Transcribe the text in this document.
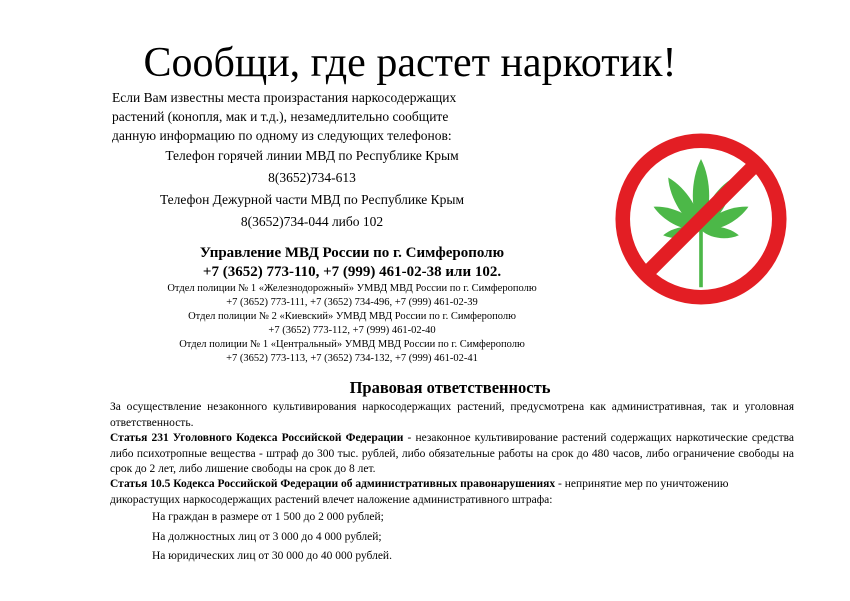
Сообщи, где растет наркотик!
Если Вам известны места произрастания наркосодержащих
растений (конопля, мак и т.д.), незамедлительно сообщите
данную информацию по одному из следующих телефонов:
Телефон горячей линии МВД по Республике Крым
8(3652)734-613
Телефон Дежурной части МВД по Республике Крым
8(3652)734-044 либо 102
Управление МВД России по г. Симферополю
+7 (3652) 773-110, +7 (999) 461-02-38 или 102.
Отдел полиции № 1 «Железнодорожный» УМВД МВД России по г. Симферополю
+7 (3652) 773-111, +7 (3652) 734-496, +7 (999) 461-02-39
Отдел полиции № 2 «Киевский» УМВД МВД России по г. Симферополю
+7 (3652) 773-112, +7 (999) 461-02-40
Отдел полиции № 1 «Центральный» УМВД МВД России по г. Симферополю
+7 (3652) 773-113, +7 (3652) 734-132, +7 (999) 461-02-41
Правовая ответственность
За осуществление незаконного культивирования наркосодержащих растений, предусмотрена как административная, так и уголовная ответственность.
Статья 231 Уголовного Кодекса Российской Федерации - незаконное культивирование растений содержащих наркотические средства либо психотропные вещества - штраф до 300 тыс. рублей, либо обязательные работы на срок до 480 часов, либо ограничение свободы на срок до 2 лет, либо лишение свободы на срок до 8 лет.
Статья 10.5 Кодекса Российской Федерации об административных правонарушениях - непринятие мер по уничтожению дикорастущих наркосодержащих растений влечет наложение административного штрафа:
На граждан в размере от 1 500 до 2 000 рублей;
На должностных лиц от 3 000 до 4 000 рублей;
На юридических лиц от 30 000 до 40 000 рублей.
